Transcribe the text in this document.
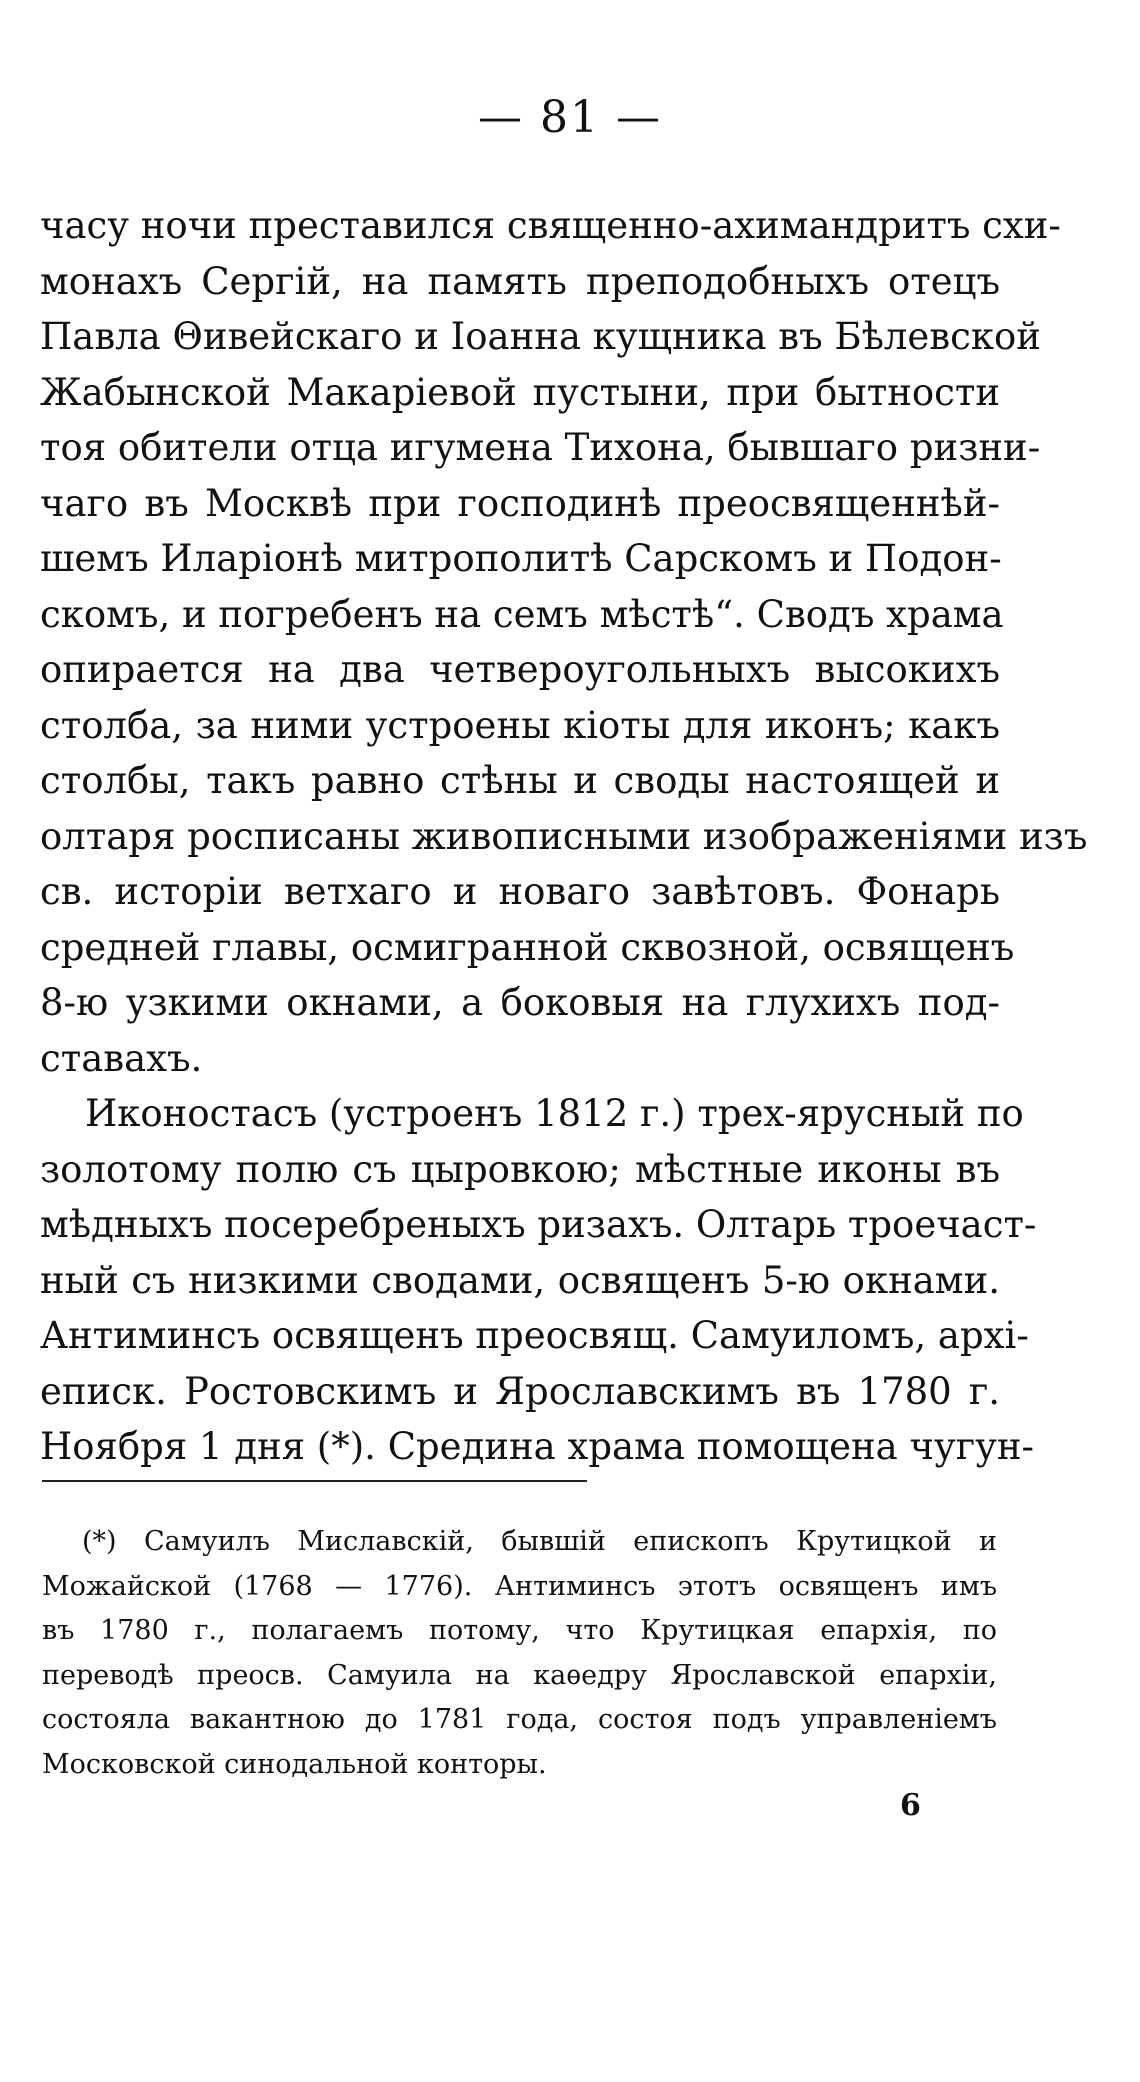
— 81 —
часу ночи преставился священно-ахимандритъ схи-
монахъ Сергій, на память преподобныхъ отецъ
Павла Θивейскаго и Іоанна кущника въ Бѣлевской
Жабынской Макаріевой пустыни, при бытности
тоя обители отца игумена Тихона, бывшаго ризни-
чаго въ Москвѣ при господинѣ преосвященнѣй-
шемъ Иларіонѣ митрополитѣ Сарскомъ и Подон-
скомъ, и погребенъ на семъ мѣстѣ“. Сводъ храма
опирается на два четвероугольныхъ высокихъ
столба, за ними устроены кіоты для иконъ; какъ
столбы, такъ равно стѣны и своды настоящей и
олтаря росписаны живописными изображеніями изъ
св. исторіи ветхаго и новаго завѣтовъ. Фонарь
средней главы, осмигранной сквозной, освященъ
8-ю узкими окнами, а боковыя на глухихъ под-
ставахъ.
Иконостасъ (устроенъ 1812 г.) трех-ярусный по
золотому полю съ цыровкою; мѣстные иконы въ
мѣдныхъ посеребреныхъ ризахъ. Олтарь троечаст-
ный съ низкими сводами, освященъ 5-ю окнами.
Антиминсъ освященъ преосвящ. Самуиломъ, архі-
еписк. Ростовскимъ и Ярославскимъ въ 1780 г.
Ноября 1 дня (*). Средина храма помощена чугун-
(*) Самуилъ Миславскій, бывшій епископъ Крутицкой и
Можайской (1768 — 1776). Антиминсъ этотъ освященъ имъ
въ 1780 г., полагаемъ потому, что Крутицкая епархія, по
переводѣ преосв. Самуила на каѳедру Ярославской епархіи,
состояла вакантною до 1781 года, состоя подъ управленіемъ
Московской синодальной конторы.
6
